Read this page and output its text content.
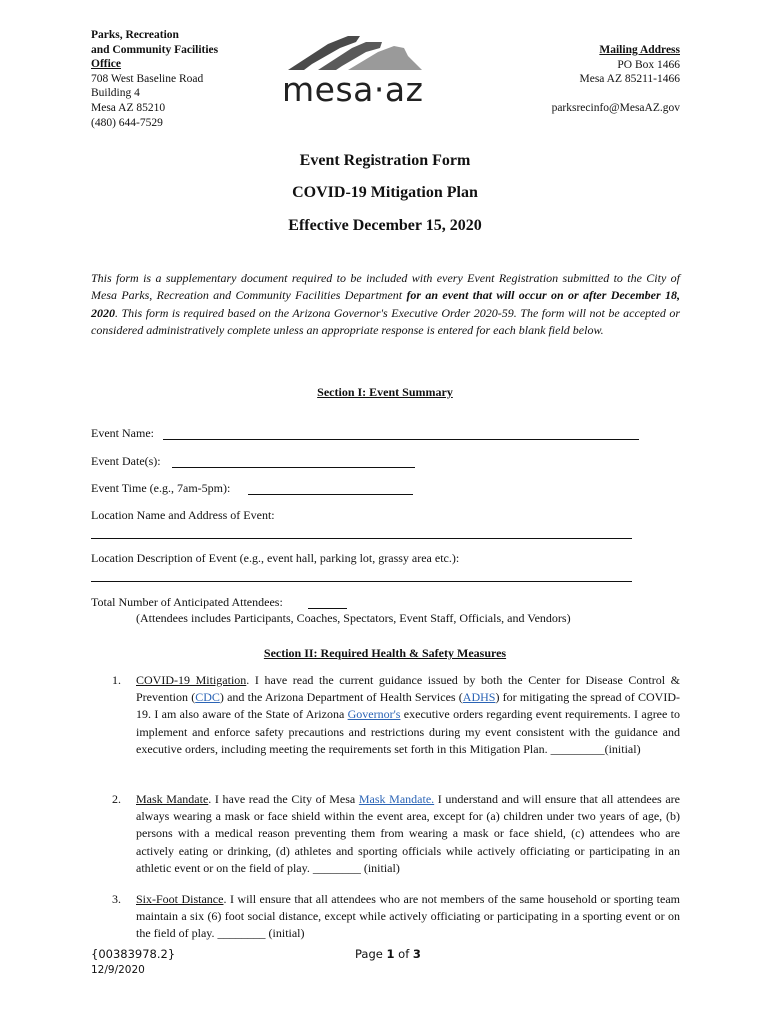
Parks, Recreation
and Community Facilities
Office
708 West Baseline Road
Building 4
Mesa AZ 85210
(480) 644-7529
mesa·az
Mailing Address
PO Box 1466
Mesa AZ 85211-1466
parksrecinfo@MesaAZ.gov
Event Registration Form
COVID-19 Mitigation Plan
Effective December 15, 2020
This form is a supplementary document required to be included with every Event Registration submitted to the City of Mesa Parks, Recreation and Community Facilities Department for an event that will occur on or after December 18, 2020. This form is required based on the Arizona Governor's Executive Order 2020-59. The form will not be accepted or considered administratively complete unless an appropriate response is entered for each blank field below.
Section I: Event Summary
Event Name:
Event Date(s):
Event Time (e.g., 7am-5pm):
Location Name and Address of Event:
Location Description of Event (e.g., event hall, parking lot, grassy area etc.):
Total Number of Anticipated Attendees:
(Attendees includes Participants, Coaches, Spectators, Event Staff, Officials, and Vendors)
Section II: Required Health & Safety Measures
1. COVID-19 Mitigation. I have read the current guidance issued by both the Center for Disease Control & Prevention (CDC) and the Arizona Department of Health Services (ADHS) for mitigating the spread of COVID-19. I am also aware of the State of Arizona Governor's executive orders regarding event requirements. I agree to implement and enforce safety precautions and restrictions during my event consistent with the guidance and executive orders, including meeting the requirements set forth in this Mitigation Plan. _________(initial)
2. Mask Mandate. I have read the City of Mesa Mask Mandate. I understand and will ensure that all attendees are always wearing a mask or face shield within the event area, except for (a) children under two years of age, (b) persons with a medical reason preventing them from wearing a mask or face shield, (c) attendees who are actively eating or drinking, (d) athletes and sporting officials while actively officiating or participating in an athletic event or on the field of play. ________ (initial)
3. Six-Foot Distance. I will ensure that all attendees who are not members of the same household or sporting team maintain a six (6) foot social distance, except while actively officiating or participating in a sporting event or on the field of play. ________ (initial)
{00383978.2}
12/9/2020
Page 1 of 3
